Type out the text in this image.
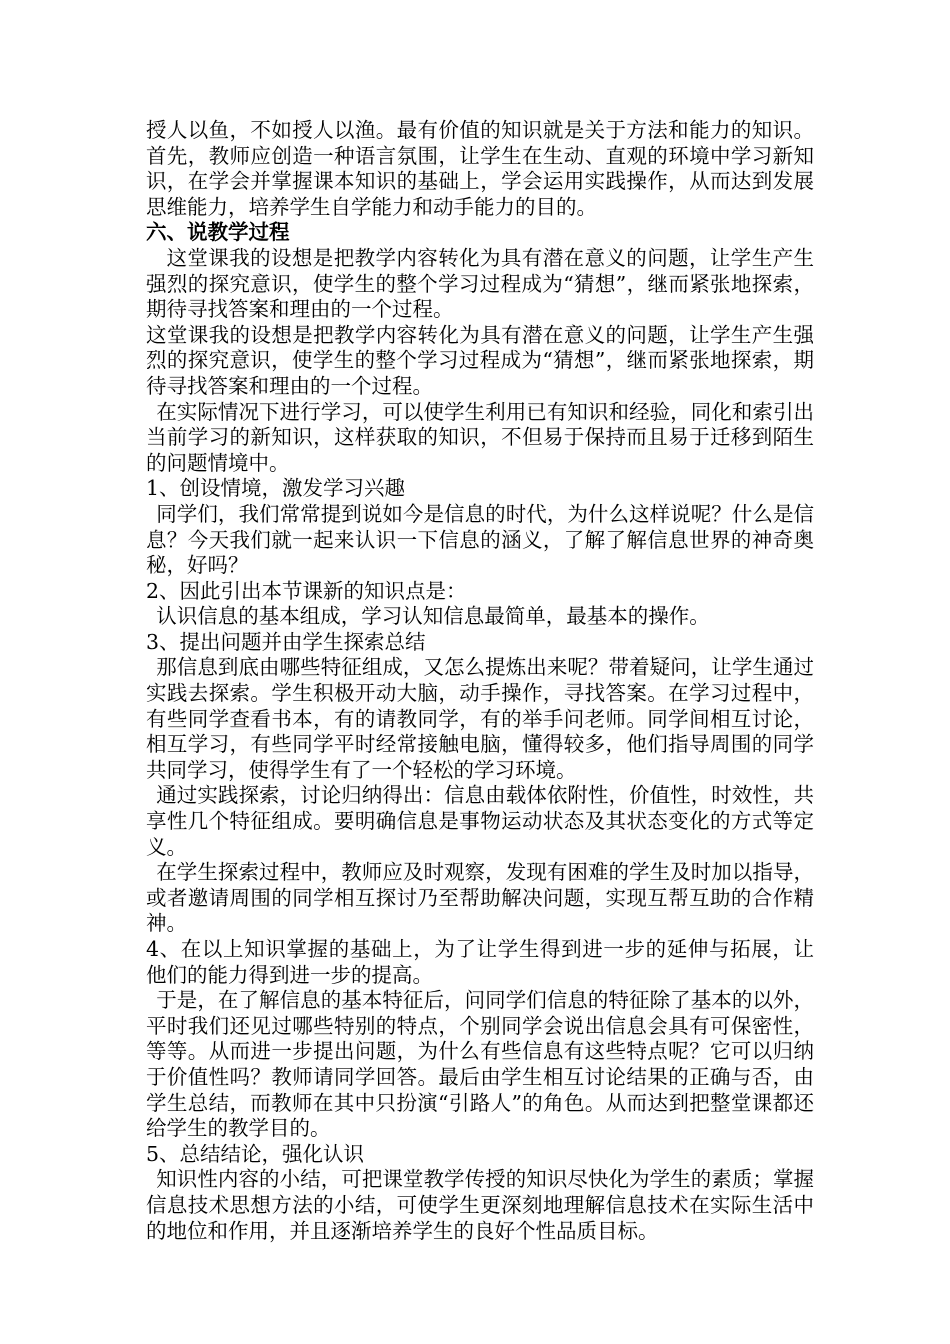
授人以鱼，不如授人以渔。最有价值的知识就是关于方法和能力的知识。首先，教师应创造一种语言氛围，让学生在生动、直观的环境中学习新知识，在学会并掌握课本知识的基础上，学会运用实践操作，从而达到发展思维能力，培养学生自学能力和动手能力的目的。

六、说教学过程

这堂课我的设想是把教学内容转化为具有潜在意义的问题，让学生产生强烈的探究意识，使学生的整个学习过程成为“猜想”，继而紧张地探索，期待寻找答案和理由的一个过程。

这堂课我的设想是把教学内容转化为具有潜在意义的问题，让学生产生强烈的探究意识，使学生的整个学习过程成为“猜想”，继而紧张地探索，期待寻找答案和理由的一个过程。

在实际情况下进行学习，可以使学生利用已有知识和经验，同化和索引出当前学习的新知识，这样获取的知识，不但易于保持而且易于迁移到陌生的问题情境中。

1、创设情境，激发学习兴趣

同学们，我们常常提到说如今是信息的时代，为什么这样说呢？什么是信息？今天我们就一起来认识一下信息的涵义，了解了解信息世界的神奇奥秘，好吗？

2、因此引出本节课新的知识点是：

认识信息的基本组成，学习认知信息最简单，最基本的操作。

3、提出问题并由学生探索总结

那信息到底由哪些特征组成，又怎么提炼出来呢？带着疑问，让学生通过实践去探索。学生积极开动大脑，动手操作，寻找答案。在学习过程中，有些同学查看书本，有的请教同学，有的举手问老师。同学间相互讨论，相互学习，有些同学平时经常接触电脑，懂得较多，他们指导周围的同学共同学习，使得学生有了一个轻松的学习环境。

通过实践探索，讨论归纳得出：信息由载体依附性，价值性，时效性，共享性几个特征组成。要明确信息是事物运动状态及其状态变化的方式等定义。

在学生探索过程中，教师应及时观察，发现有困难的学生及时加以指导，或者邀请周围的同学相互探讨乃至帮助解决问题，实现互帮互助的合作精神。

4、在以上知识掌握的基础上，为了让学生得到进一步的延伸与拓展，让他们的能力得到进一步的提高。

于是，在了解信息的基本特征后，问同学们信息的特征除了基本的以外，平时我们还见过哪些特别的特点，个别同学会说出信息会具有可保密性，等等。从而进一步提出问题，为什么有些信息有这些特点呢？它可以归纳于价值性吗？教师请同学回答。最后由学生相互讨论结果的正确与否，由学生总结，而教师在其中只扮演“引路人”的角色。从而达到把整堂课都还给学生的教学目的。

5、总结结论，强化认识

知识性内容的小结，可把课堂教学传授的知识尽快化为学生的素质；掌握信息技术思想方法的小结，可使学生更深刻地理解信息技术在实际生活中的地位和作用，并且逐渐培养学生的良好个性品质目标。
